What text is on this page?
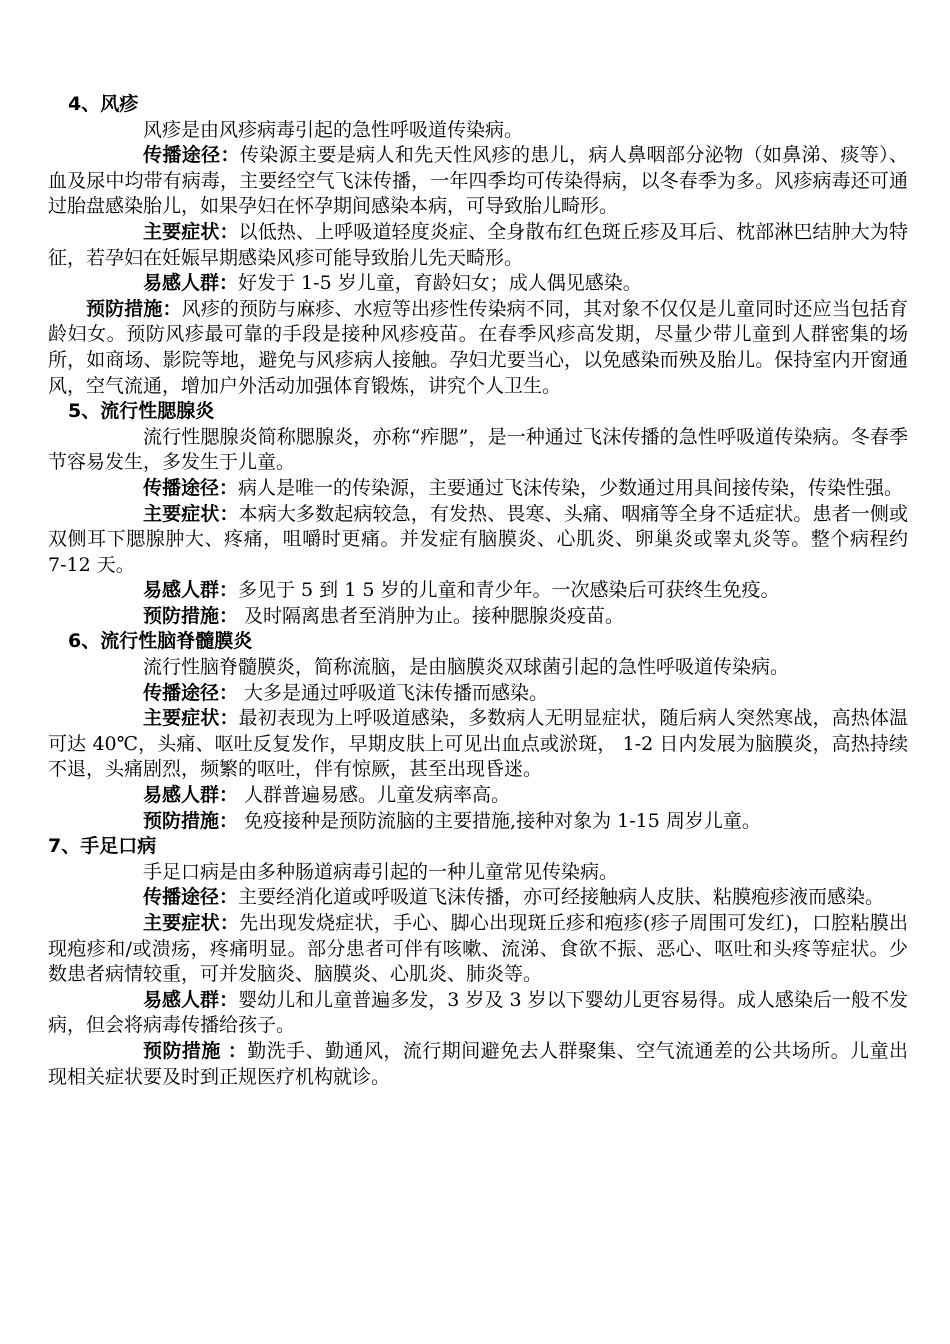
4、风疹

风疹是由风疹病毒引起的急性呼吸道传染病。

传播途径：传染源主要是病人和先天性风疹的患儿，病人鼻咽部分泌物（如鼻涕、痰等）、血及尿中均带有病毒，主要经空气飞沫传播，一年四季均可传染得病，以冬春季为多。风疹病毒还可通过胎盘感染胎儿，如果孕妇在怀孕期间感染本病，可导致胎儿畸形。

主要症状：以低热、上呼吸道轻度炎症、全身散布红色斑丘疹及耳后、枕部淋巴结肿大为特征，若孕妇在妊娠早期感染风疹可能导致胎儿先天畸形。

易感人群：好发于 1-5 岁儿童，育龄妇女；成人偶见感染。

预防措施：风疹的预防与麻疹、水痘等出疹性传染病不同，其对象不仅仅是儿童同时还应当包括育龄妇女。预防风疹最可靠的手段是接种风疹疫苗。在春季风疹高发期，尽量少带儿童到人群密集的场所，如商场、影院等地，避免与风疹病人接触。孕妇尤要当心，以免感染而殃及胎儿。保持室内开窗通风，空气流通，增加户外活动加强体育锻炼，讲究个人卫生。

5、流行性腮腺炎

流行性腮腺炎简称腮腺炎，亦称“痄腮”，是一种通过飞沫传播的急性呼吸道传染病。冬春季节容易发生，多发生于儿童。

传播途径：病人是唯一的传染源，主要通过飞沫传染，少数通过用具间接传染，传染性强。

主要症状：本病大多数起病较急，有发热、畏寒、头痛、咽痛等全身不适症状。患者一侧或双侧耳下腮腺肿大、疼痛，咀嚼时更痛。并发症有脑膜炎、心肌炎、卵巢炎或睾丸炎等。整个病程约 7-12 天。

易感人群：多见于 5 到 1 5 岁的儿童和青少年。一次感染后可获终生免疫。

预防措施： 及时隔离患者至消肿为止。接种腮腺炎疫苗。

6、流行性脑脊髓膜炎

流行性脑脊髓膜炎，简称流脑，是由脑膜炎双球菌引起的急性呼吸道传染病。

传播途径： 大多是通过呼吸道飞沫传播而感染。

主要症状：最初表现为上呼吸道感染，多数病人无明显症状，随后病人突然寒战，高热体温可达 40℃，头痛、呕吐反复发作，早期皮肤上可见出血点或淤斑， 1-2 日内发展为脑膜炎，高热持续不退，头痛剧烈，频繁的呕吐，伴有惊厥，甚至出现昏迷。

易感人群： 人群普遍易感。儿童发病率高。

预防措施： 免疫接种是预防流脑的主要措施,接种对象为 1-15 周岁儿童。

7、手足口病

手足口病是由多种肠道病毒引起的一种儿童常见传染病。

传播途径：主要经消化道或呼吸道飞沫传播，亦可经接触病人皮肤、粘膜疱疹液而感染。

主要症状：先出现发烧症状，手心、脚心出现斑丘疹和疱疹(疹子周围可发红)，口腔粘膜出现疱疹和/或溃疡，疼痛明显。部分患者可伴有咳嗽、流涕、食欲不振、恶心、呕吐和头疼等症状。少数患者病情较重，可并发脑炎、脑膜炎、心肌炎、肺炎等。

易感人群：婴幼儿和儿童普遍多发，3 岁及 3 岁以下婴幼儿更容易得。成人感染后一般不发病，但会将病毒传播给孩子。

预防措施 ：勤洗手、勤通风，流行期间避免去人群聚集、空气流通差的公共场所。儿童出现相关症状要及时到正规医疗机构就诊。
